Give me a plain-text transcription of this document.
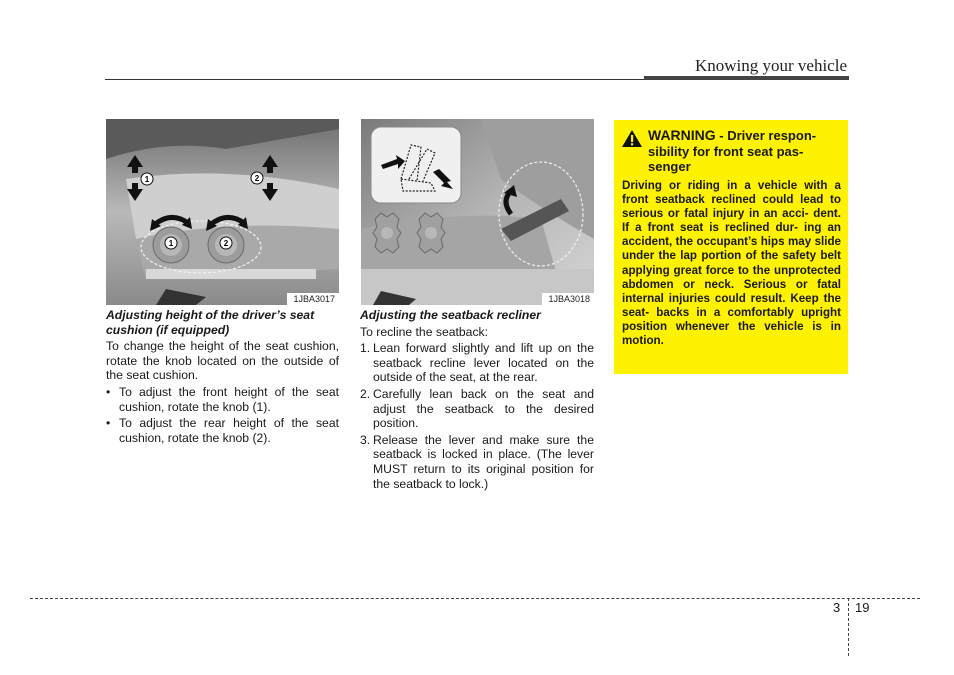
Knowing your vehicle
1	2
1	2
1JBA3017	1JBA3018

Adjusting height of the driver’s seat cushion (if equipped)

To change the height of the seat cushion, rotate the knob located on the outside of the seat cushion.

• To adjust the front height of the seat cushion, rotate the knob (1).
• To adjust the rear height of the seat cushion, rotate the knob (2).

Adjusting the seatback recliner

To recline the seatback:

1. Lean forward slightly and lift up on the seatback recline lever located on the outside of the seat, at the rear.
2. Carefully lean back on the seat and adjust the seatback to the desired position.
3. Release the lever and make sure the seatback is locked in place. (The lever MUST return to its original position for the seatback to lock.)
WARNING - Driver respon- sibility for front seat pas- senger

Driving or riding in a vehicle with a front seatback reclined could lead to serious or fatal injury in an acci- dent. If a front seat is reclined dur- ing an accident, the occupant’s hips may slide under the lap portion of the safety belt applying great force to the unprotected abdomen or neck. Serious or fatal internal injuries could result. Keep the seat- backs in a comfortably upright position whenever the vehicle is in motion.

3 19
